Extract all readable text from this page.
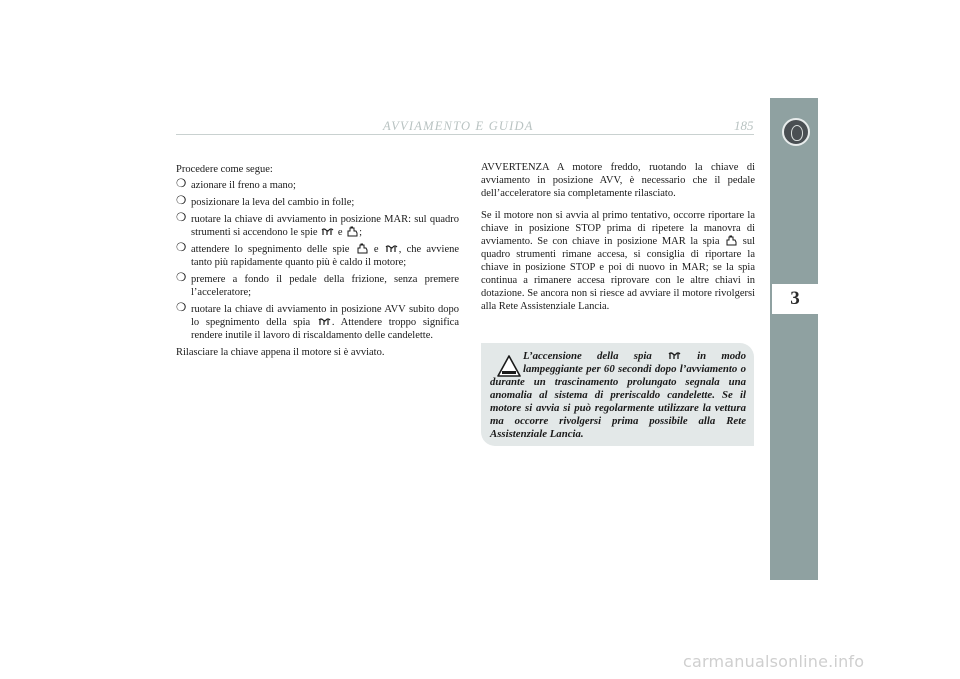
AVVIAMENTO E GUIDA	185
3

Procedere come segue:

❍ azionare il freno a mano;

❍ posizionare la leva del cambio in folle;

❍ ruotare la chiave di avviamento in posizione MAR: sul quadro strumenti si accendono le spie e ;

❍ attendere lo spegnimento delle spie e , che avviene tanto più rapidamente quanto più è caldo il motore;

❍ premere a fondo il pedale della frizione, senza premere l’acceleratore;

❍ ruotare la chiave di avviamento in posizione AVV subito dopo lo spegnimento della spia . Attendere troppo significa rendere inutile il lavoro di riscaldamento delle candelette.

Rilasciare la chiave appena il motore si è avviato.

AVVERTENZA A motore freddo, ruotando la chiave di avviamento in posizione AVV, è necessario che il pedale dell’acceleratore sia completamente rilasciato.

Se il motore non si avvia al primo tentativo, occorre riportare la chiave in posizione STOP prima di ripetere la manovra di avviamento. Se con chiave in posizione MAR la spia sul quadro strumenti rimane accesa, si consiglia di riportare la chiave in posizione STOP e poi di nuovo in MAR; se la spia continua a rimanere accesa riprovare con le altre chiavi in dotazione. Se ancora non si riesce ad avviare il motore rivolgersi alla Rete Assistenziale Lancia.

L’accensione della spia	in modo lampeggiante per 60 secondi dopo l’avviamento o durante un trascinamento prolungato segnala una anomalia al sistema di preriscaldo candelette. Se il motore si avvia si può regolarmente utilizzare la vettura ma occorre rivolgersi prima possibile alla Rete Assistenziale Lancia.
carmanualsonline.info
